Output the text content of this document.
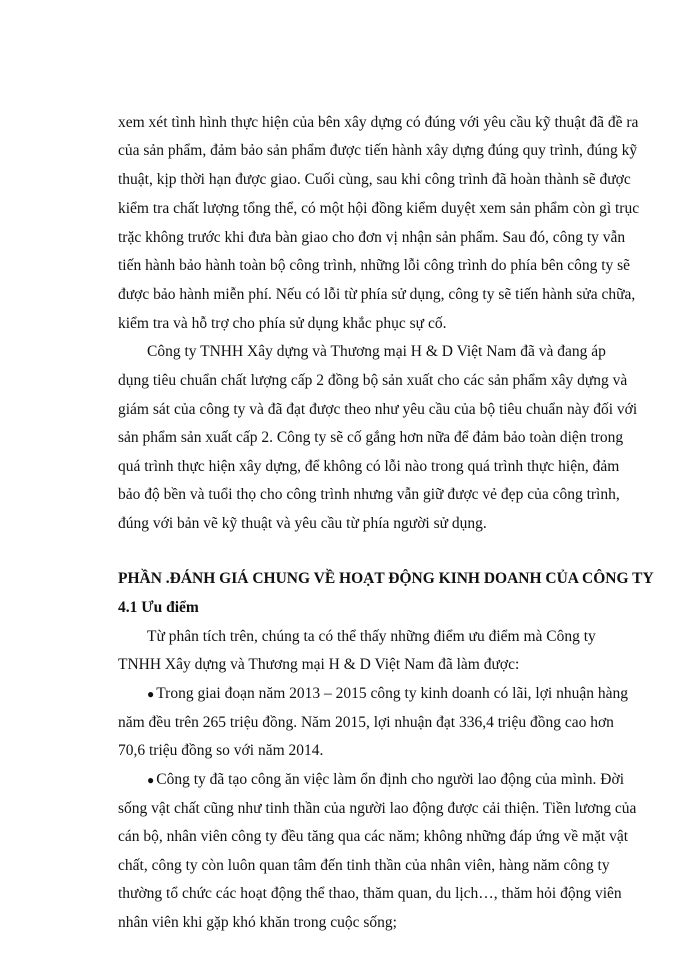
xem xét tình hình thực hiện của bên xây dựng có đúng với yêu cầu kỹ thuật đã đề ra
của sản phẩm, đảm bảo sản phẩm được tiến hành xây dựng đúng quy trình, đúng kỹ
thuật, kịp thời hạn được giao. Cuối cùng, sau khi công trình đã hoàn thành sẽ được
kiểm tra chất lượng tổng thể, có một hội đồng kiểm duyệt xem sản phẩm còn gì trục
trặc không trước khi đưa bàn giao cho đơn vị nhận sản phẩm. Sau đó, công ty vẫn
tiến hành bảo hành toàn bộ công trình, những lỗi công trình do phía bên công ty sẽ
được bảo hành miễn phí. Nếu có lỗi từ phía sử dụng, công ty sẽ tiến hành sửa chữa,
kiểm tra và hỗ trợ cho phía sử dụng khắc phục sự cố.
Công ty TNHH Xây dựng và Thương mại H & D Việt Nam đã và đang áp
dụng tiêu chuẩn chất lượng cấp 2 đồng bộ sản xuất cho các sản phẩm xây dựng và
giám sát của công ty và đã đạt được theo như yêu cầu của bộ tiêu chuẩn này đối với
sản phẩm sản xuất cấp 2. Công ty sẽ cố gắng hơn nữa để đảm bảo toàn diện trong
quá trình thực hiện xây dựng, để không có lỗi nào trong quá trình thực hiện, đảm
bảo độ bền và tuổi thọ cho công trình nhưng vẫn giữ được vẻ đẹp của công trình,
đúng với bản vẽ kỹ thuật và yêu cầu từ phía người sử dụng.
PHẦN .ĐÁNH GIÁ CHUNG VỀ HOẠT ĐỘNG KINH DOANH CỦA CÔNG TY
4.1 Ưu điểm
Từ phân tích trên, chúng ta có thể thấy những điểm ưu điểm mà Công ty
TNHH Xây dựng và Thương mại H & D Việt Nam đã làm được:
● Trong giai đoạn năm 2013 – 2015 công ty kinh doanh có lãi, lợi nhuận hàng
năm đều trên 265 triệu đồng. Năm 2015, lợi nhuận đạt 336,4 triệu đồng cao hơn
70,6 triệu đồng so với năm 2014.
● Công ty đã tạo công ăn việc làm ổn định cho người lao động của mình. Đời
sống vật chất cũng như tinh thần của người lao động được cải thiện. Tiền lương của
cán bộ, nhân viên công ty đều tăng qua các năm; không những đáp ứng về mặt vật
chất, công ty còn luôn quan tâm đến tinh thần của nhân viên, hàng năm công ty
thường tổ chức các hoạt động thể thao, thăm quan, du lịch…, thăm hỏi động viên
nhân viên khi gặp khó khăn trong cuộc sống;
